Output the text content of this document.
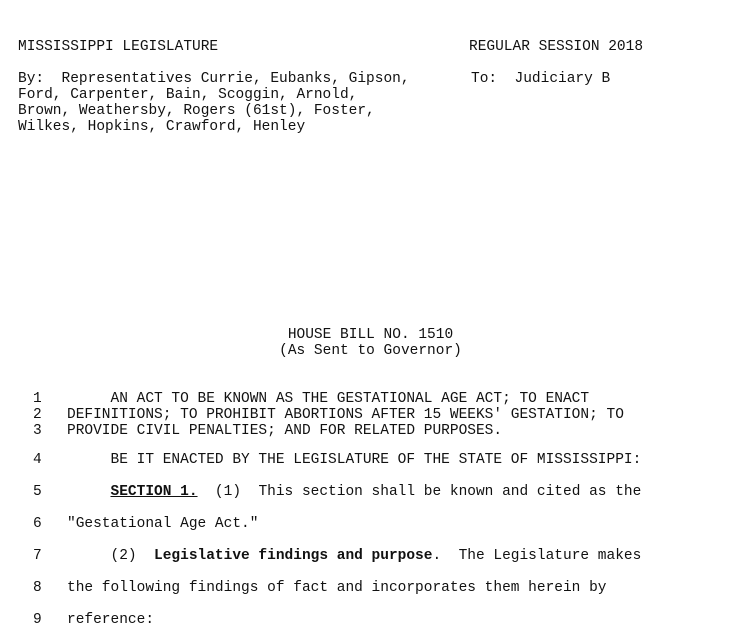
MISSISSIPPI LEGISLATURE	REGULAR SESSION 2018
By:  Representatives Currie, Eubanks, Gipson,
Ford, Carpenter, Bain, Scoggin, Arnold,
Brown, Weathersby, Rogers (61st), Foster,
Wilkes, Hopkins, Crawford, Henley
To:  Judiciary B
HOUSE BILL NO. 1510
(As Sent to Governor)
1 AN ACT TO BE KNOWN AS THE GESTATIONAL AGE ACT; TO ENACT
2 DEFINITIONS; TO PROHIBIT ABORTIONS AFTER 15 WEEKS' GESTATION; TO
3 PROVIDE CIVIL PENALTIES; AND FOR RELATED PURPOSES.
4 BE IT ENACTED BY THE LEGISLATURE OF THE STATE OF MISSISSIPPI:
5	SECTION 1.  (1)  This section shall be known and cited as the
6 "Gestational Age Act."
7 (2)  Legislative findings and purpose.  The Legislature makes
8 the following findings of fact and incorporates them herein by
9 reference:
